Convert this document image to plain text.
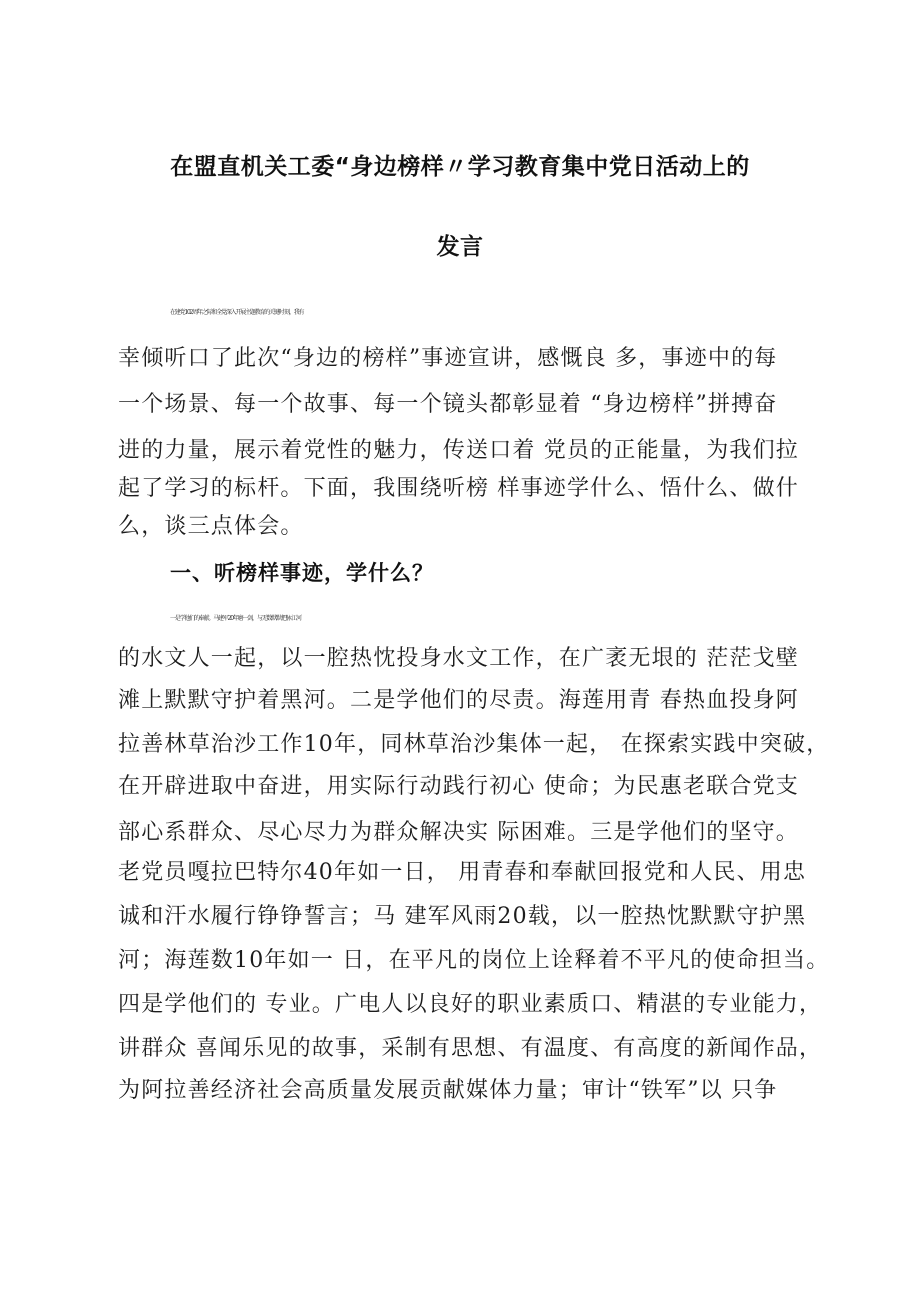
在盟直机关工委“身边榜样〃学习教育集中党日活动上的
发言
在建党102周年之际和全党深入开展主题教育的关键时 刻，我有
幸倾听口了此次“身边的榜样”事迹宣讲，感慨良 多，事迹中的每
一个场景、每一个故事、每一个镜头都彰显着 “身边榜样”拼搏奋
进的力量，展示着党性的魅力，传送口着 党员的正能量，为我们拉
起了学习的标杆。下面，我围绕听榜 样事迹学什么、悟什么、做什
么，谈三点体会。
一、听榜样事迹，学什么？
一是学他们的奉献。马建军20年磨一剑，与无数默默把脉 江河
的水文人一起，以一腔热忱投身水文工作，在广袤无垠的 茫茫戈壁
滩上默默守护着黑河。二是学他们的尽责。海莲用青 春热血投身阿
拉善林草治沙工作10年，同林草治沙集体一起， 在探索实践中突破，
在开辟进取中奋进，用实际行动践行初心 使命；为民惠老联合党支
部心系群众、尽心尽力为群众解决实 际困难。三是学他们的坚守。
老党员嘎拉巴特尔40年如一日， 用青春和奉献回报党和人民、用忠
诚和汗水履行铮铮誓言；马 建军风雨20载，以一腔热忱默默守护黑
河；海莲数10年如一 日，在平凡的岗位上诠释着不平凡的使命担当。
四是学他们的 专业。广电人以良好的职业素质口、精湛的专业能力，
讲群众 喜闻乐见的故事，采制有思想、有温度、有高度的新闻作品，
为阿拉善经济社会高质量发展贡献媒体力量；审计“铁军”以 只争
